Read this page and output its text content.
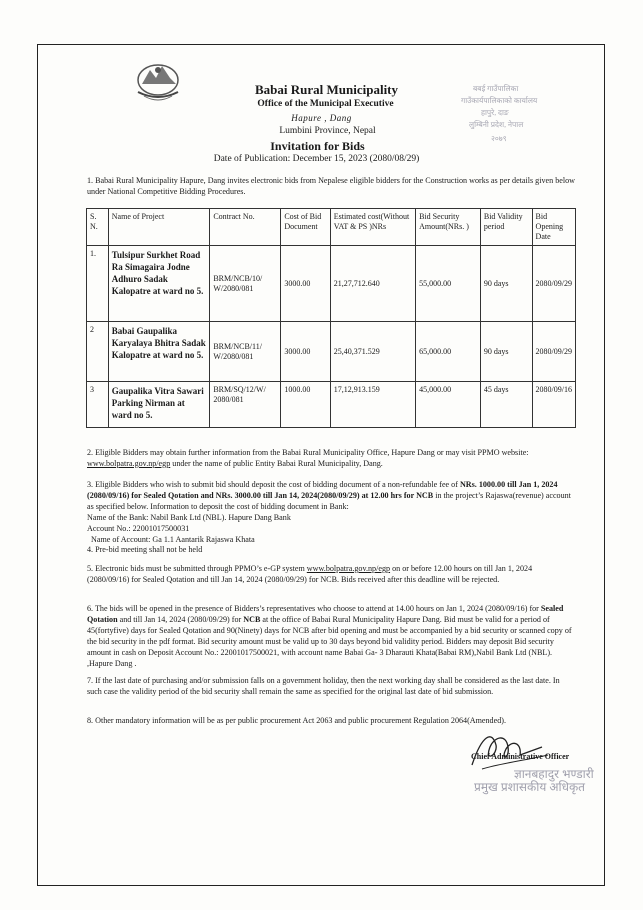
Babai Rural Municipality
Office of the Municipal Executive
Hapure , Dang
Lumbini Province, Nepal
Invitation for Bids
Date of Publication: December 15, 2023 (2080/08/29)
बबई गाउँपालिका
गाउँकार्यपालिकाको कार्यालय
हापुरे, दाङ
लुम्बिनी प्रदेश, नेपाल
२०७९
1. Babai Rural Municipality Hapure, Dang invites electronic bids from Nepalese eligible bidders for the Construction works as per details given below under National Competitive Bidding Procedures.
S. N.	Name of Project	Contract No.	Cost of Bid Document	Estimated cost(Without VAT & PS )NRs	Bid Security Amount(NRs. )	Bid Validity period	Bid Opening Date
1.	Tulsipur Surkhet Road Ra Simagaira Jodne Adhuro Sadak Kalopatre at ward no 5.	BRM/NCB/10/ W/2080/081	3000.00	21,27,712.640	55,000.00	90 days	2080/09/29
2	Babai Gaupalika Karyalaya Bhitra Sadak Kalopatre at ward no 5.	BRM/NCB/11/ W/2080/081	3000.00	25,40,371.529	65,000.00	90 days	2080/09/29
3	Gaupalika Vitra Sawari Parking Nirman at ward no 5.	BRM/SQ/12/W/ 2080/081	1000.00	17,12,913.159	45,000.00	45 days	2080/09/16
2. Eligible Bidders may obtain further information from the Babai Rural Municipality Office, Hapure Dang or may visit PPMO website: www.bolpatra.gov.np/egp under the name of public Entity Babai Rural Municipality, Dang.
3. Eligible Bidders who wish to submit bid should deposit the cost of bidding document of a non-refundable fee of NRs. 1000.00 till Jan 1, 2024 (2080/09/16) for Sealed Qotation and NRs. 3000.00 till Jan 14, 2024(2080/09/29) at 12.00 hrs for NCB in the project’s Rajaswa(revenue) account as specified below. Information to deposit the cost of bidding document in Bank:
Name of the Bank: Nabil Bank Ltd (NBL). Hapure Dang Bank
Account No.: 22001017500031
Name of Account: Ga 1.1 Aantarik Rajaswa Khata
4. Pre-bid meeting shall not be held
5. Electronic bids must be submitted through PPMO’s e-GP system www.bolpatra.gov.np/egp on or before 12.00 hours on till Jan 1, 2024 (2080/09/16) for Sealed Qotation and till Jan 14, 2024 (2080/09/29) for NCB. Bids received after this deadline will be rejected.
6. The bids will be opened in the presence of Bidders’s representatives who choose to attend at 14.00 hours on Jan 1, 2024 (2080/09/16) for Sealed Qotation and till Jan 14, 2024 (2080/09/29) for NCB at the office of Babai Rural Municipality Hapure Dang. Bid must be valid for a period of 45(fortyfive) days for Sealed Qotation and 90(Ninety) days for NCB after bid opening and must be accompanied by a bid security or scanned copy of the bid security in the pdf format. Bid security amount must be valid up to 30 days beyond bid validity period. Bidders may deposit Bid security amount in cash on Deposit Account No.: 22001017500021, with account name Babai Ga- 3 Dharauti Khata(Babai RM),Nabil Bank Ltd (NBL). ,Hapure Dang .
7. If the last date of purchasing and/or submission falls on a government holiday, then the next working day shall be considered as the last date. In such case the validity period of the bid security shall remain the same as specified for the original last date of bid submission.
8. Other mandatory information will be as per public procurement Act 2063 and public procurement Regulation 2064(Amended).
Chief Administrative Officer
ज्ञानबहादुर भण्डारी
प्रमुख प्रशासकीय अधिकृत
